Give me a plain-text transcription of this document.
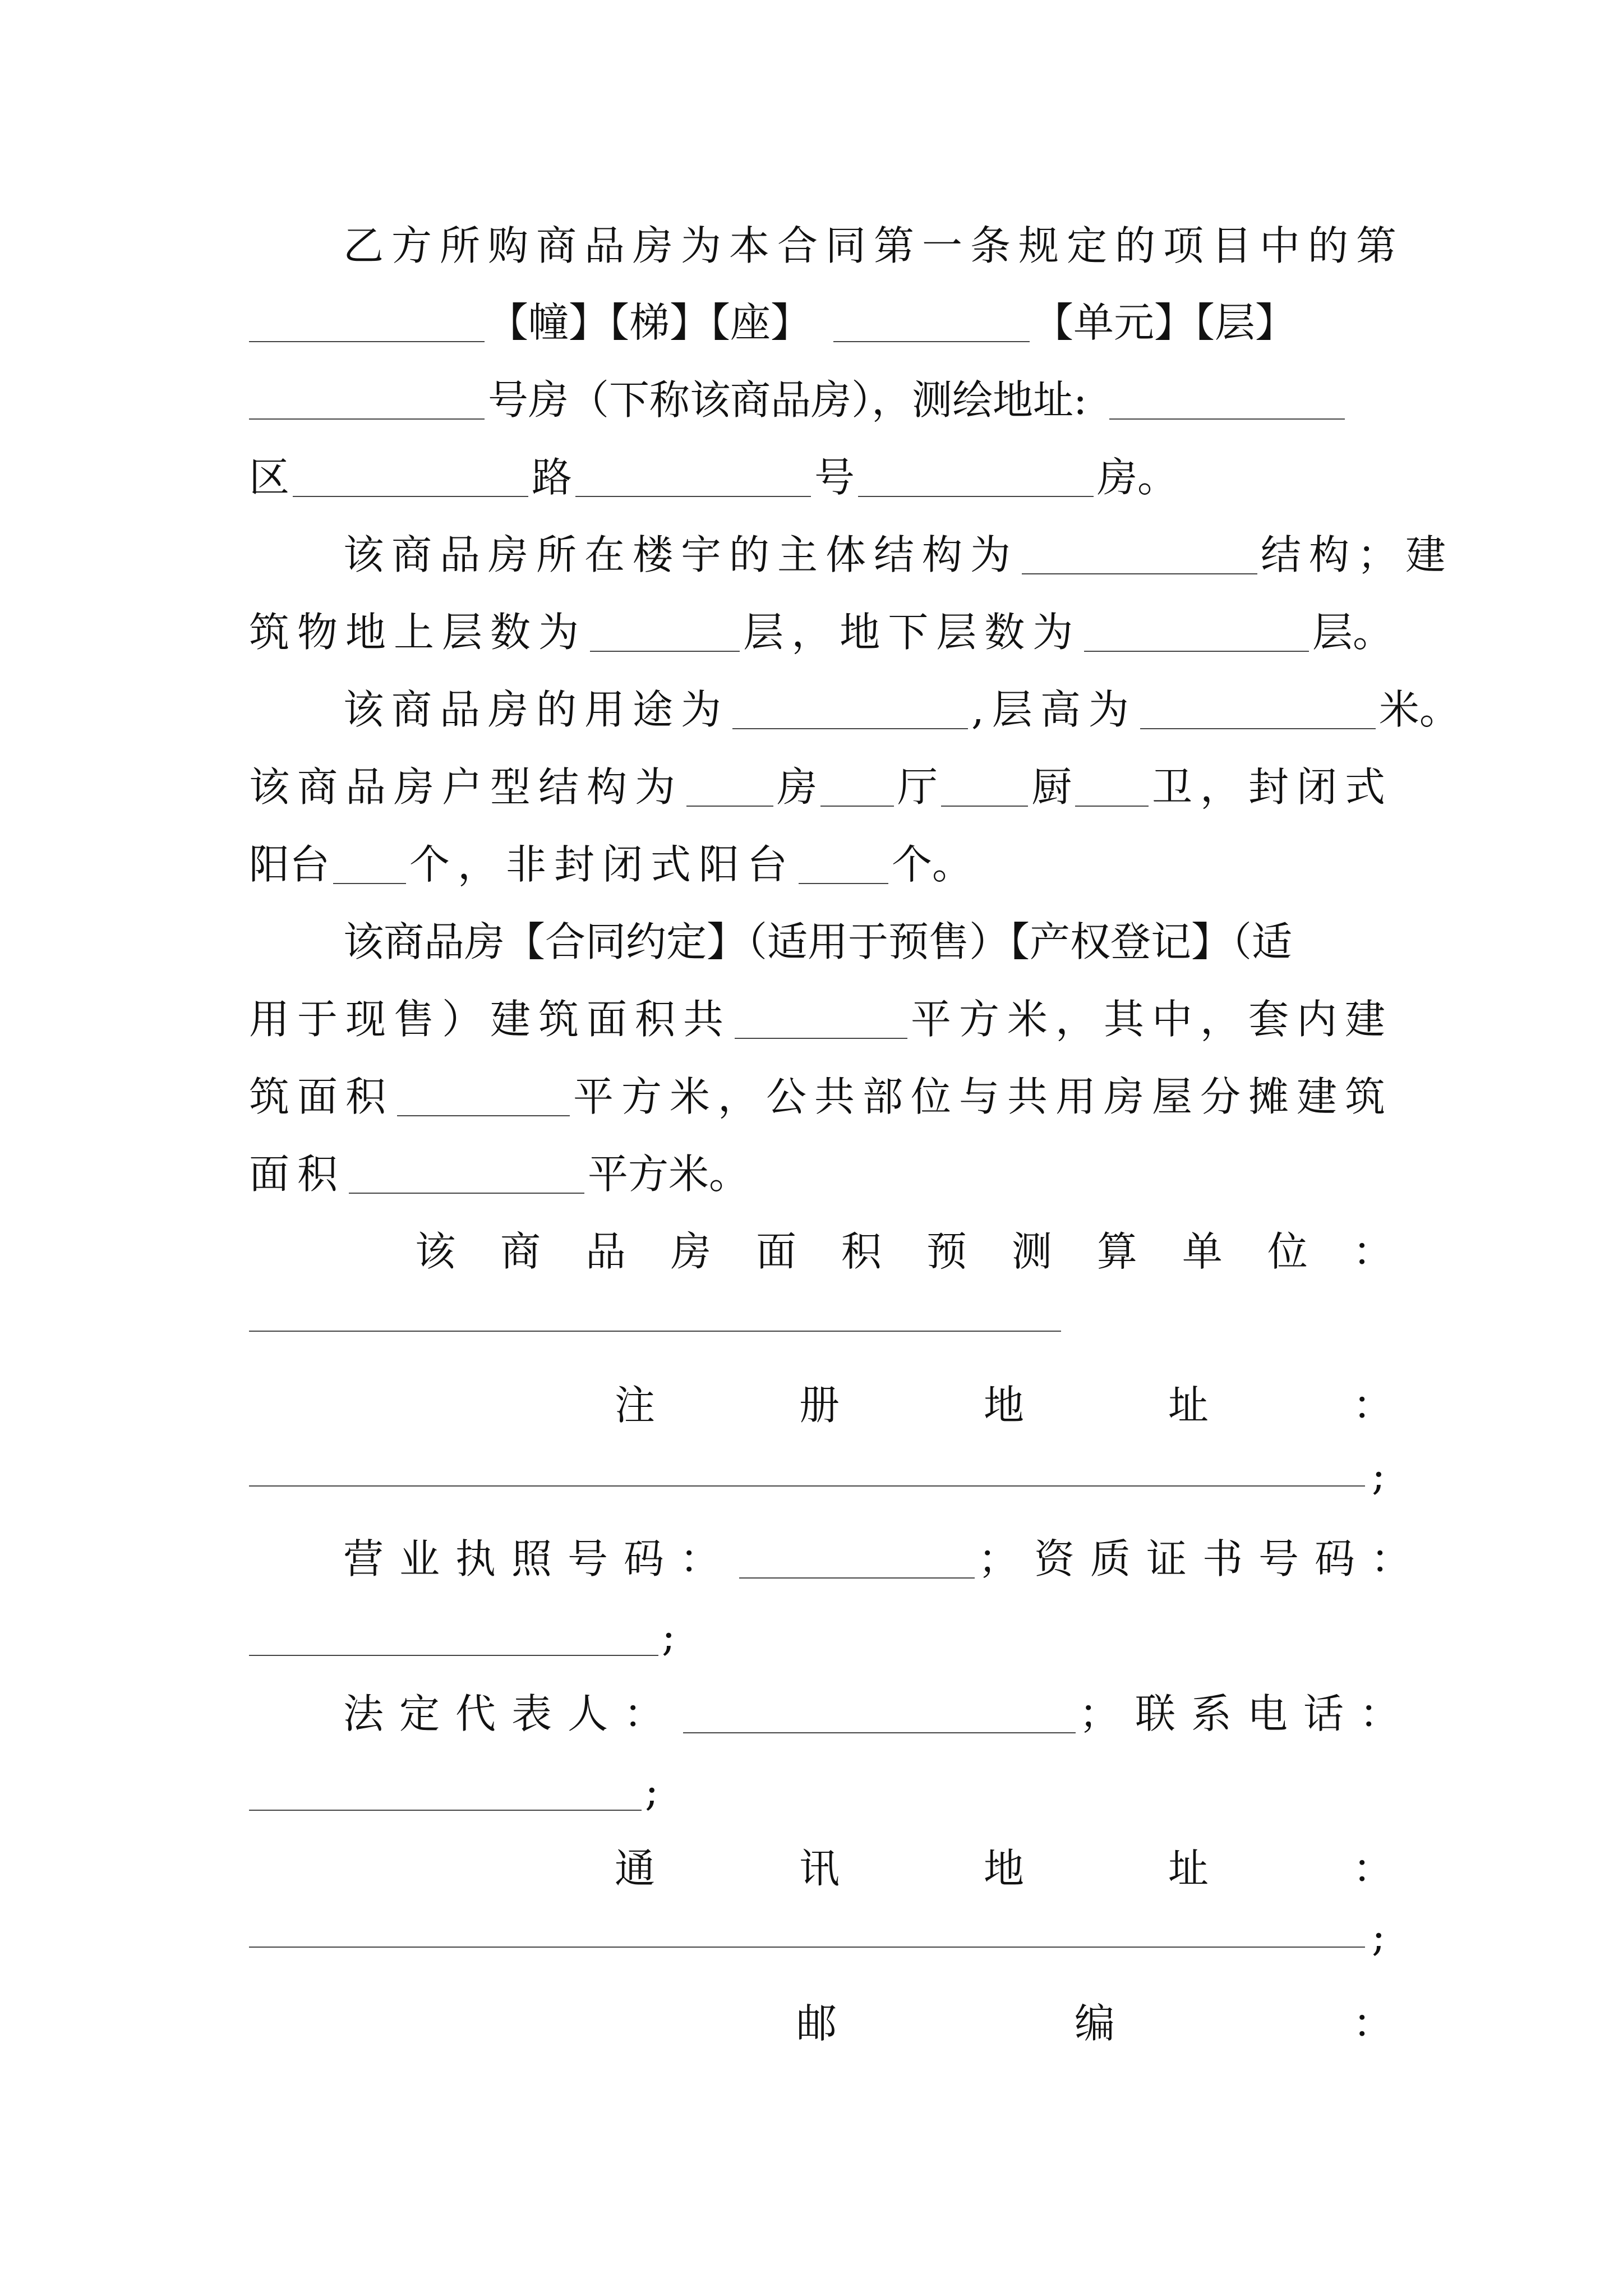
乙方所购商品房为本合同第一条规定的项目中的第
【幢】【梯】【座】	【单元】【层】
号房（下称该商品房），测绘地址:
区	路	号	房。
该商品房所在楼宇的主体结构为	结构；建
筑物地上层数为	层，地下层数为	层。
该商品房的用途为	,层高为	米。
该商品房户型结构为 房 厅 厨 卫，封闭式
阳台 个，非封闭式阳台 个。
该商品房【合同约定】（适用于预售）【产权登记】（适
用于现售）建筑面积共	平方米，其中，套内建
筑面积	平方米，公共部位与共用房屋分摊建筑
面积	平方米。
该 商 品 房 面 积 预 测 算 单 位 ：
注	册	地	址	：
;
营业执照号码：	；资质证书号码：
;
法定代表人：	；联系电话：
;
通	讯	地	址	：
;
邮	编	：
